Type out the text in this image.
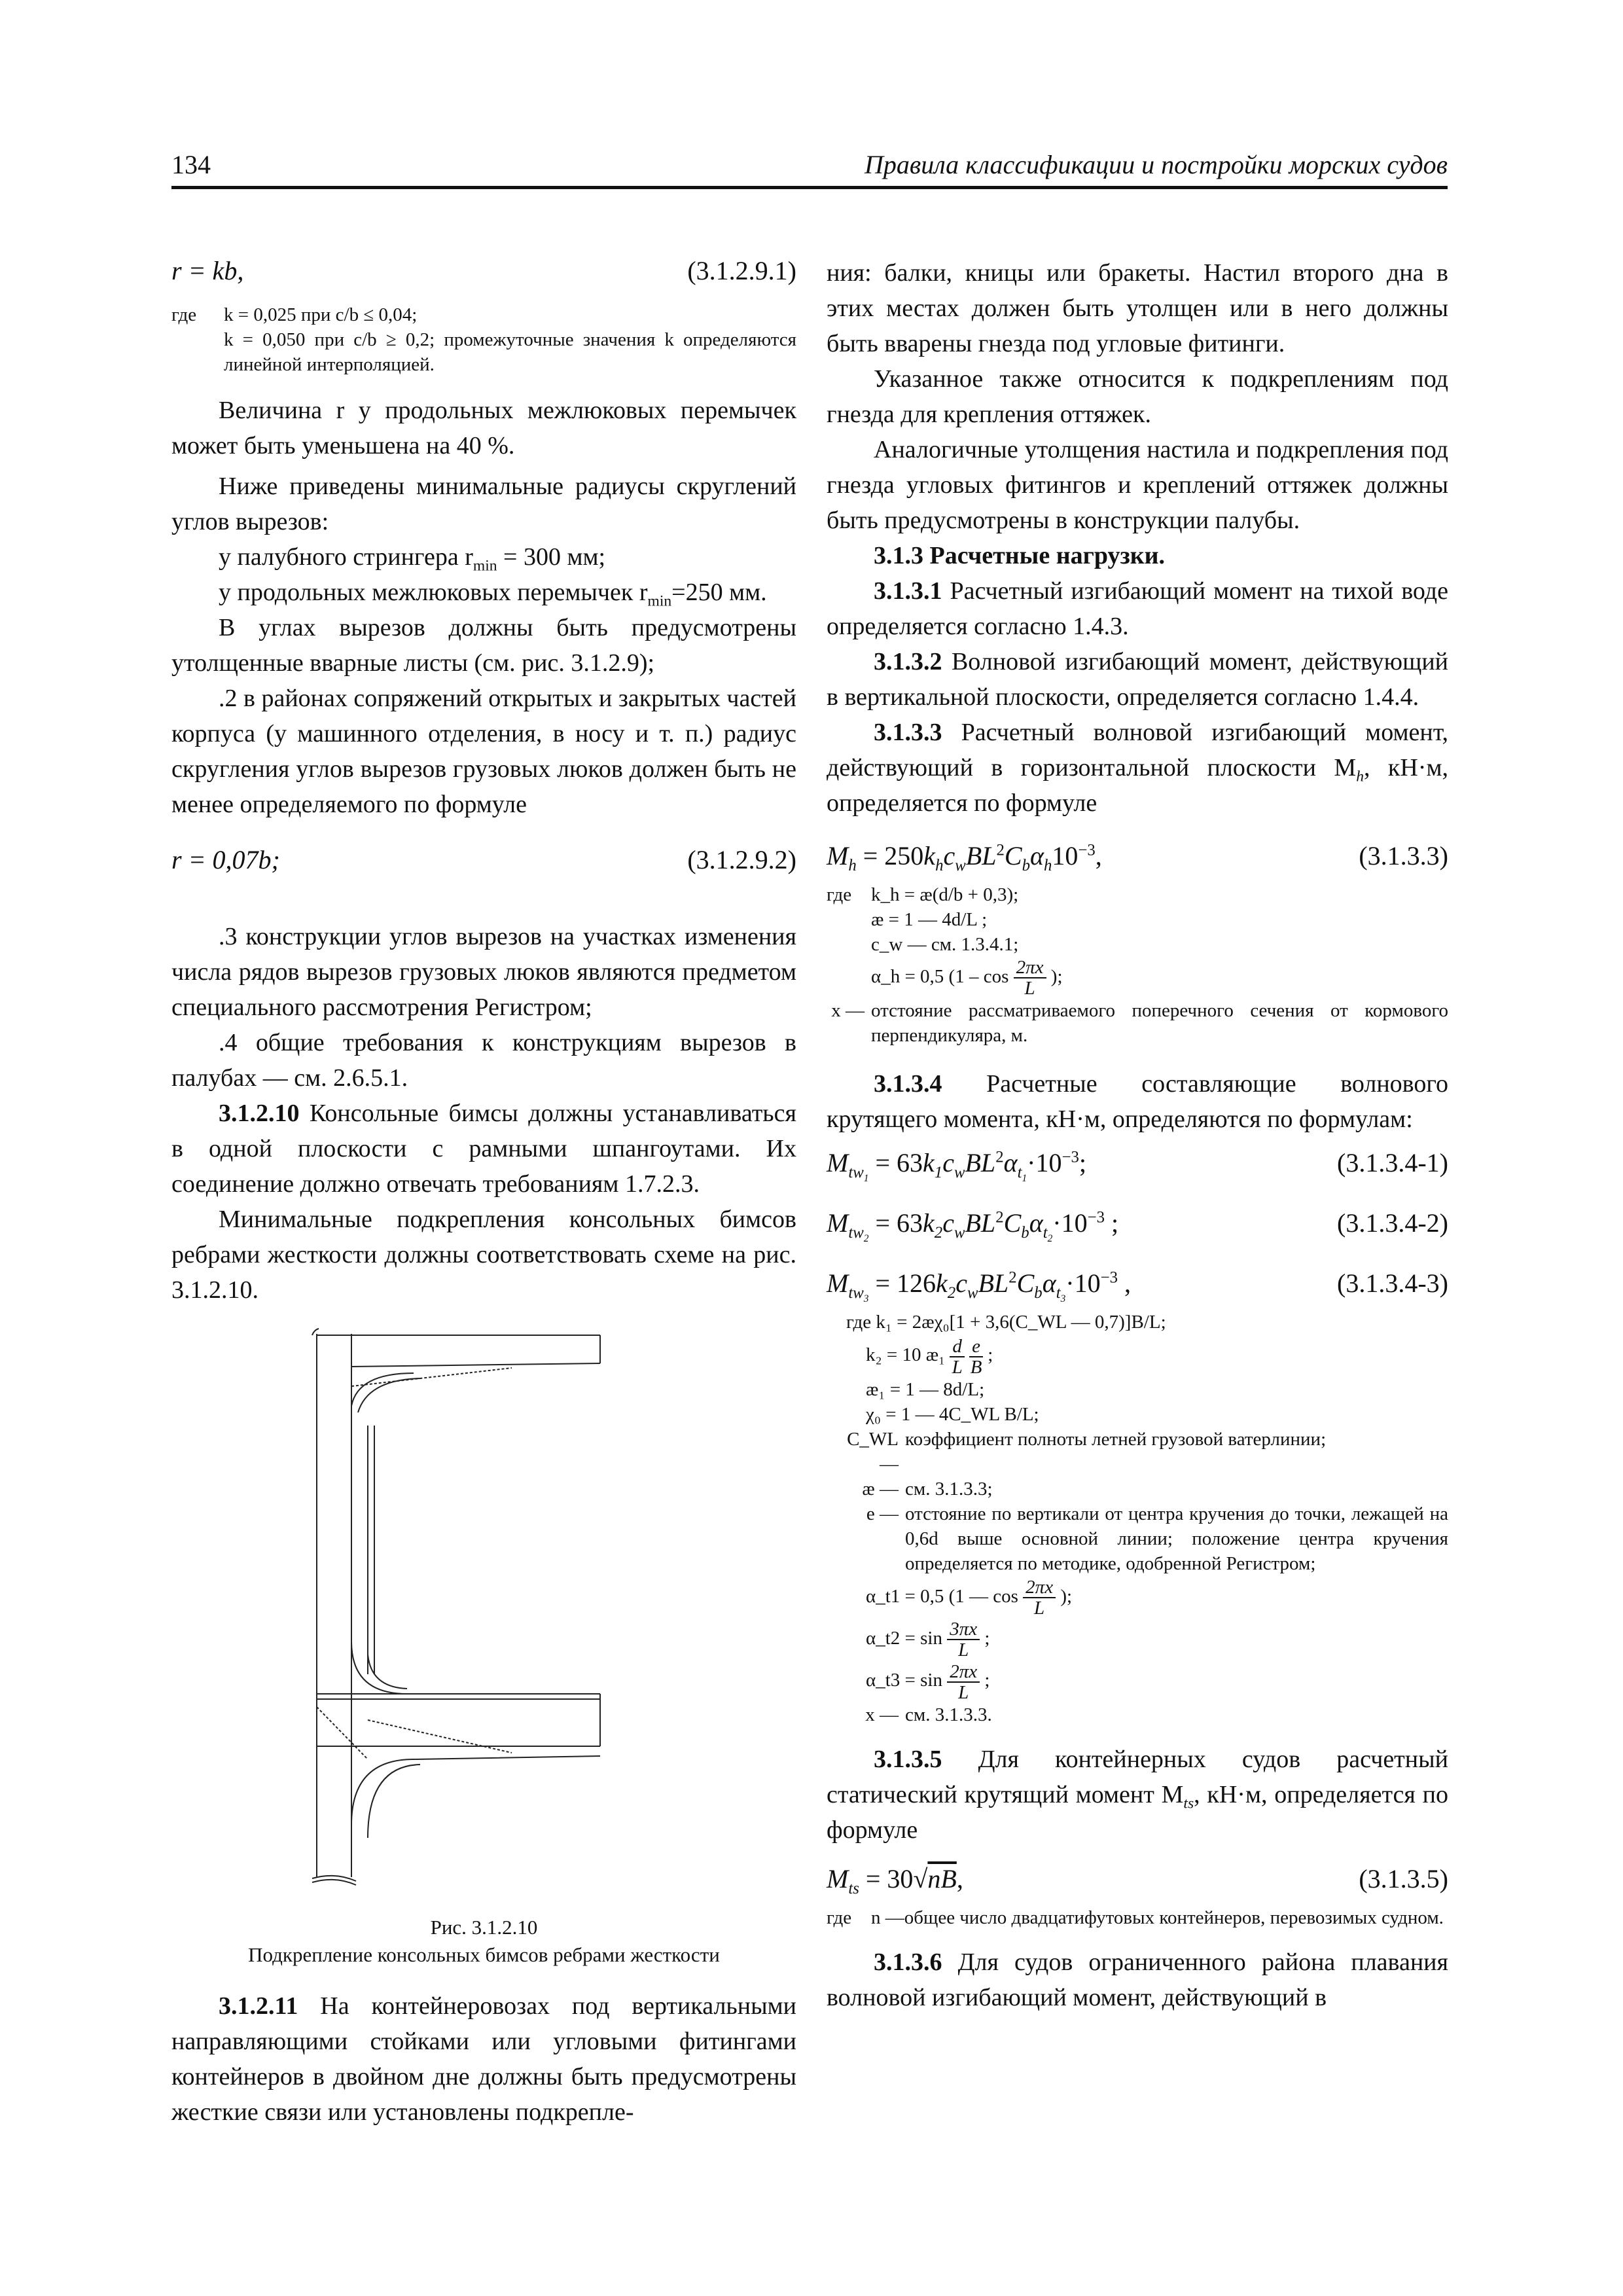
134	Правила классификации и постройки морских судов
r = kb,	(3.1.2.9.1)
где	k = 0,025 при c/b ≤ 0,04;
k = 0,050 при c/b ≥ 0,2; промежуточные значения k определяются линейной интерполяцией.

Величина r у продольных межлюковых перемычек может быть уменьшена на 40 %.

Ниже приведены минимальные радиусы скруглений углов вырезов:

у палубного стрингера $r_{min} = 300$ мм;

у продольных межлюковых перемычек $r_{min}=250$ мм.

В углах вырезов должны быть предусмотрены утолщенные вварные листы (см. рис. 3.1.2.9);

.2 в районах сопряжений открытых и закрытых частей корпуса (у машинного отделения, в носу и т. п.) радиус скругления углов вырезов грузовых люков должен быть не менее определяемого по формуле

r = 0,07b;	(3.1.2.9.2)

.3 конструкции углов вырезов на участках изменения числа рядов вырезов грузовых люков являются предметом специального рассмотрения Регистром;

.4 общие требования к конструкциям вырезов в палубах — см. 2.6.5.1.

3.1.2.10 Консольные бимсы должны устанавливаться в одной плоскости с рамными шпангоутами. Их соединение должно отвечать требованиям 1.7.2.3.

Минимальные подкрепления консольных бимсов ребрами жесткости должны соответствовать схеме на рис. 3.1.2.10.

Рис. 3.1.2.10

Подкрепление консольных бимсов ребрами жесткости

3.1.2.11 На контейнеровозах под вертикальными направляющими стойками или угловыми фитингами контейнеров в двойном дне должны быть предусмотрены жесткие связи или установлены подкрепле-

ния: балки, кницы или бракеты. Настил второго дна в этих местах должен быть утолщен или в него должны быть вварены гнезда под угловые фитинги.

Указанное также относится к подкреплениям под гнезда для крепления оттяжек.

Аналогичные утолщения настила и подкрепления под гнезда угловых фитингов и креплений оттяжек должны быть предусмотрены в конструкции палубы.

3.1.3 Расчетные нагрузки.

3.1.3.1 Расчетный изгибающий момент на тихой воде определяется согласно 1.4.3.

3.1.3.2 Волновой изгибающий момент, действующий в вертикальной плоскости, определяется согласно 1.4.4.

3.1.3.3 Расчетный волновой изгибающий момент, действующий в горизонтальной плоскости $M_h$, кН·м, определяется по формуле

$M_h = 250k_hc_wBL^2C_b\alpha_h10^{-3}$,	(3.1.3.3)
где	k_h = æ(d/b + 0,3);
æ = 1 — 4d/L ;
c_w — см. 1.3.4.1;
α_h = 0,5 ($1 - \cos \frac{2\pi x}{L}$ );
x — отстояние рассматриваемого поперечного сечения от кормового перпендикуляра, м.

3.1.3.4 Расчетные составляющие волнового крутящего момента, кН·м, определяются по формулам:

$M_{tw_1} = 63k_1c_wBL^2\alpha_{t_1}\cdot 10^{-3}$;	(3.1.3.4-1)
$M_{tw_2} = 63k_2c_wBL^2C_b\alpha_{t_2}\cdot 10^{-3}$ ;	(3.1.3.4-2)
$M_{tw_3} = 126k_2c_wBL^2C_b\alpha_{t_3}\cdot 10^{-3}$ ,	(3.1.3.4-3)
где k₁ = 2æχ₀[1 + 3,6(C_WL — 0,7)]B/L;
k₂ = 10 æ₁ $\frac{d}{L}$
$\frac{e}{B}$ ;
æ₁ = 1 — 8d/L;
χ₀ = 1 — 4C_WL B/L;
C_WL —
коэффициент полноты летней грузовой ватерлинии;
æ — см. 3.1.3.3;
e — отстояние по вертикали от центра кручения до точки, лежащей на 0,6d выше основной линии; положение центра кручения определяется по методике, одобренной Регистром;
α_t1 = 0,5 (1 — $\cos \frac{2\pi x}{L}$ );
α_t2 = $\sin \frac{3\pi x}{L}$ ;
α_t3 = $\sin \frac{2\pi x}{L}$ ;
x — см. 3.1.3.3.

3.1.3.5 Для контейнерных судов расчетный статический крутящий момент $M_{ts}$, кН·м, определяется по формуле

$M_{ts} = 30√nB$,	(3.1.3.5)
где	n —общее число двадцатифутовых контейнеров, перевозимых судном.

3.1.3.6 Для судов ограниченного района плавания волновой изгибающий момент, действующий в
